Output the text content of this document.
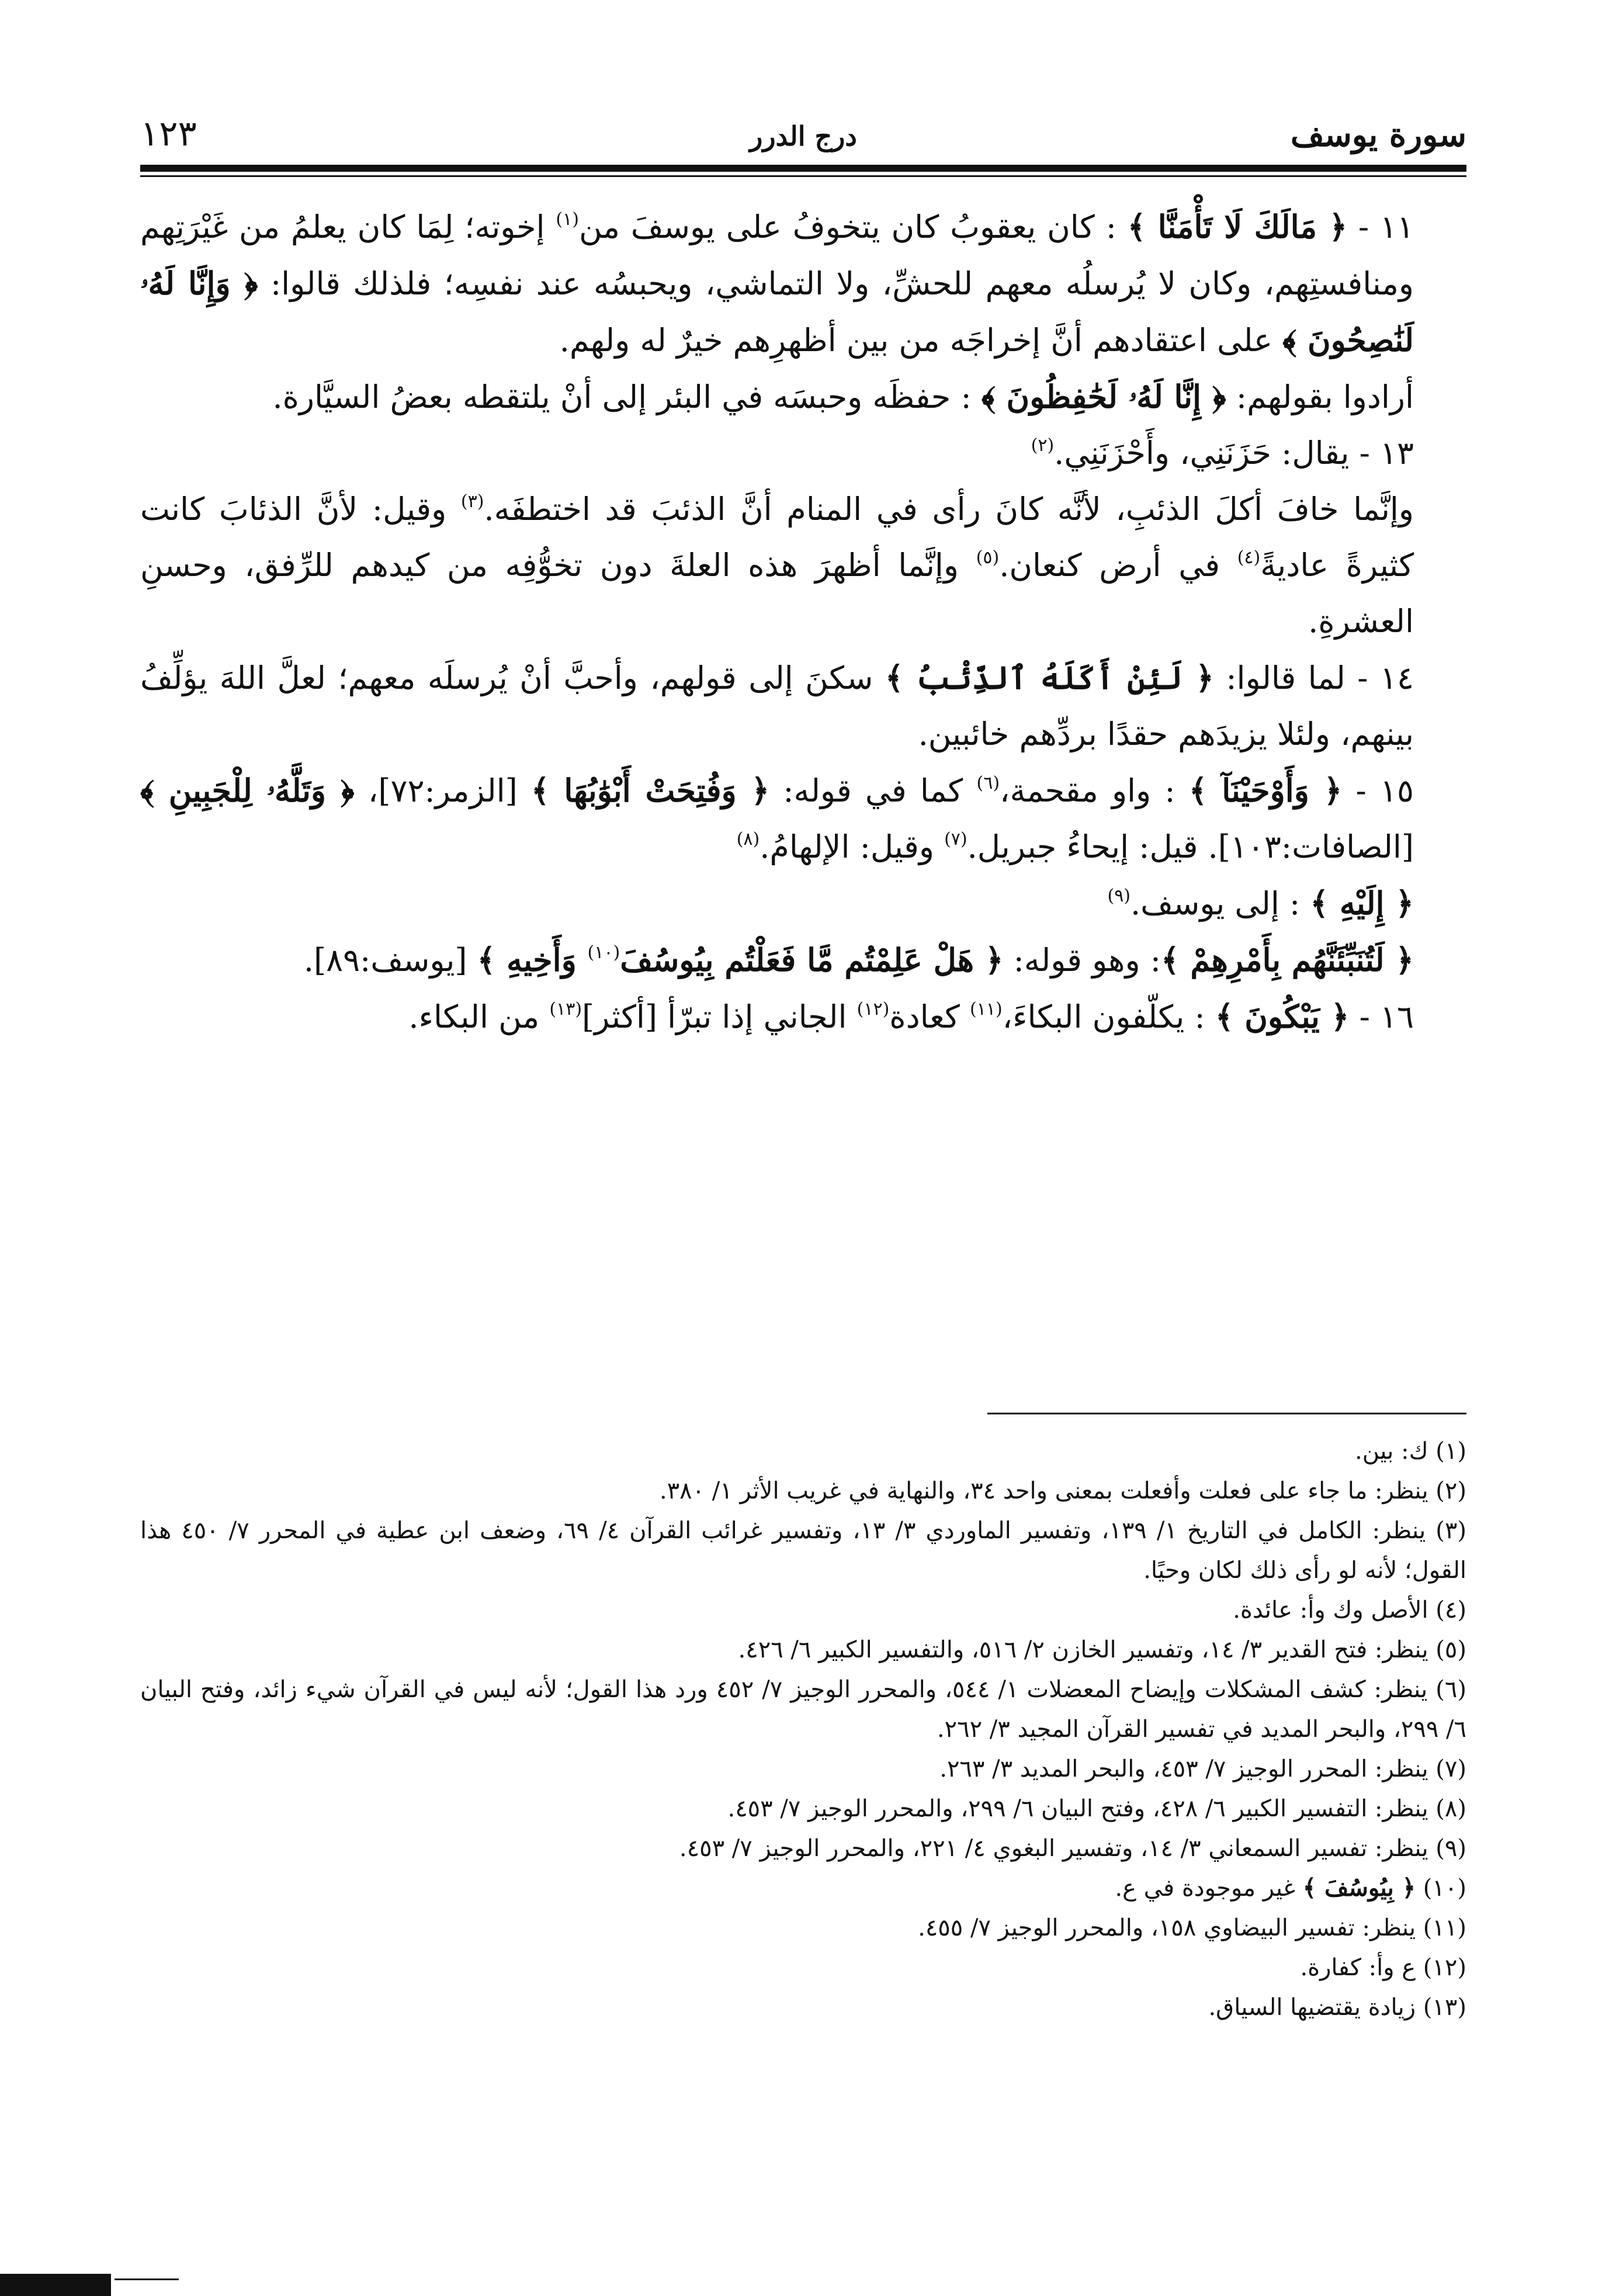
سورة يوسف
درج الدرر
١٢٣

١١ - ﴿ مَالَكَ لَا تَأْمَنَّا ﴾ : كان يعقوبُ كان يتخوفُ على يوسفَ من$^{(١)}$ إخوته؛ لِمَا كان يعلمُ من غَيْرَتِهم ومنافستِهم، وكان لا يُرسلُه معهم للحشِّ، ولا التماشي، ويحبسُه عند نفسِه؛ فلذلك قالوا: ﴿ وَإِنَّا لَهُۥ لَنَٰصِحُونَ ﴾ على اعتقادهم أنَّ إخراجَه من بين أظهرِهم خيرٌ له ولهم.

أرادوا بقولهم: ﴿ إِنَّا لَهُۥ لَحَٰفِظُونَ ﴾ : حفظَه وحبسَه في البئر إلى أنْ يلتقطه بعضُ السيَّارة.

١٣ - يقال: حَزَنَنِي، وأَحْزَنَنِي.$^{(٢)}$

وإنَّما خافَ أكلَ الذئبِ، لأنَّه كانَ رأى في المنام أنَّ الذئبَ قد اختطفَه.$^{(٣)}$ وقيل: لأنَّ الذئابَ كانت كثيرةً عاديةً$^{(٤)}$ في أرض كنعان.$^{(٥)}$ وإنَّما أظهرَ هذه العلةَ دون تخوُّفِه من كيدهم للرِّفق، وحسنِ العشرةِ.

١٤ - لما قالوا: ﴿ لَئِنْ أَكَلَهُ ٱلذِّئْبُ ﴾ سكنَ إلى قولهم، وأحبَّ أنْ يُرسلَه معهم؛ لعلَّ اللهَ يؤلِّفُ بينهم، ولئلا يزيدَهم حقدًا بردِّهم خائبين.

١٥ - ﴿ وَأَوْحَيْنَآ ﴾ : واو مقحمة،$^{(٦)}$ كما في قوله: ﴿ وَفُتِحَتْ أَبْوَٰبُهَا ﴾ [الزمر:٧٢]، ﴿ وَتَلَّهُۥ لِلْجَبِينِ ﴾ [الصافات:١٠٣]. قيل: إيحاءُ جبريل.$^{(٧)}$ وقيل: الإلهامُ.$^{(٨)}$

﴿ إِلَيْهِ ﴾ : إلى يوسف.$^{(٩)}$

﴿ لَتُنَبِّئَنَّهُم بِأَمْرِهِمْ ﴾: وهو قوله: ﴿ هَلْ عَلِمْتُم مَّا فَعَلْتُم بِيُوسُفَ$^{(١٠)}$ وَأَخِيهِ ﴾ [يوسف:٨٩].

١٦ - ﴿ يَبْكُونَ ﴾ : يكلّفون البكاءَ،$^{(١١)}$ كعادة$^{(١٢)}$ الجاني إذا تبرّأ [أكثر]$^{(١٣)}$ من البكاء.

(١) ك: بين.

(٢) ينظر: ما جاء على فعلت وأفعلت بمعنى واحد ٣٤، والنهاية في غريب الأثر ١/ ٣٨٠.

(٣) ينظر: الكامل في التاريخ ١/ ١٣٩، وتفسير الماوردي ٣/ ١٣، وتفسير غرائب القرآن ٤/ ٦٩، وضعف ابن عطية في المحرر ٧/ ٤٥٠ هذا القول؛ لأنه لو رأى ذلك لكان وحيًا.

(٤) الأصل وك وأ: عائدة.

(٥) ينظر: فتح القدير ٣/ ١٤، وتفسير الخازن ٢/ ٥١٦، والتفسير الكبير ٦/ ٤٢٦.

(٦) ينظر: كشف المشكلات وإيضاح المعضلات ١/ ٥٤٤، والمحرر الوجيز ٧/ ٤٥٢ ورد هذا القول؛ لأنه ليس في القرآن شيء زائد، وفتح البيان ٦/ ٢٩٩، والبحر المديد في تفسير القرآن المجيد ٣/ ٢٦٢.

(٧) ينظر: المحرر الوجيز ٧/ ٤٥٣، والبحر المديد ٣/ ٢٦٣.

(٨) ينظر: التفسير الكبير ٦/ ٤٢٨، وفتح البيان ٦/ ٢٩٩، والمحرر الوجيز ٧/ ٤٥٣.

(٩) ينظر: تفسير السمعاني ٣/ ١٤، وتفسير البغوي ٤/ ٢٢١، والمحرر الوجيز ٧/ ٤٥٣.

(١٠) ﴿ بِيُوسُفَ ﴾ غير موجودة في ع.

(١١) ينظر: تفسير البيضاوي ١٥٨، والمحرر الوجيز ٧/ ٤٥٥.

(١٢) ع وأ: كفارة.

(١٣) زيادة يقتضيها السياق.
